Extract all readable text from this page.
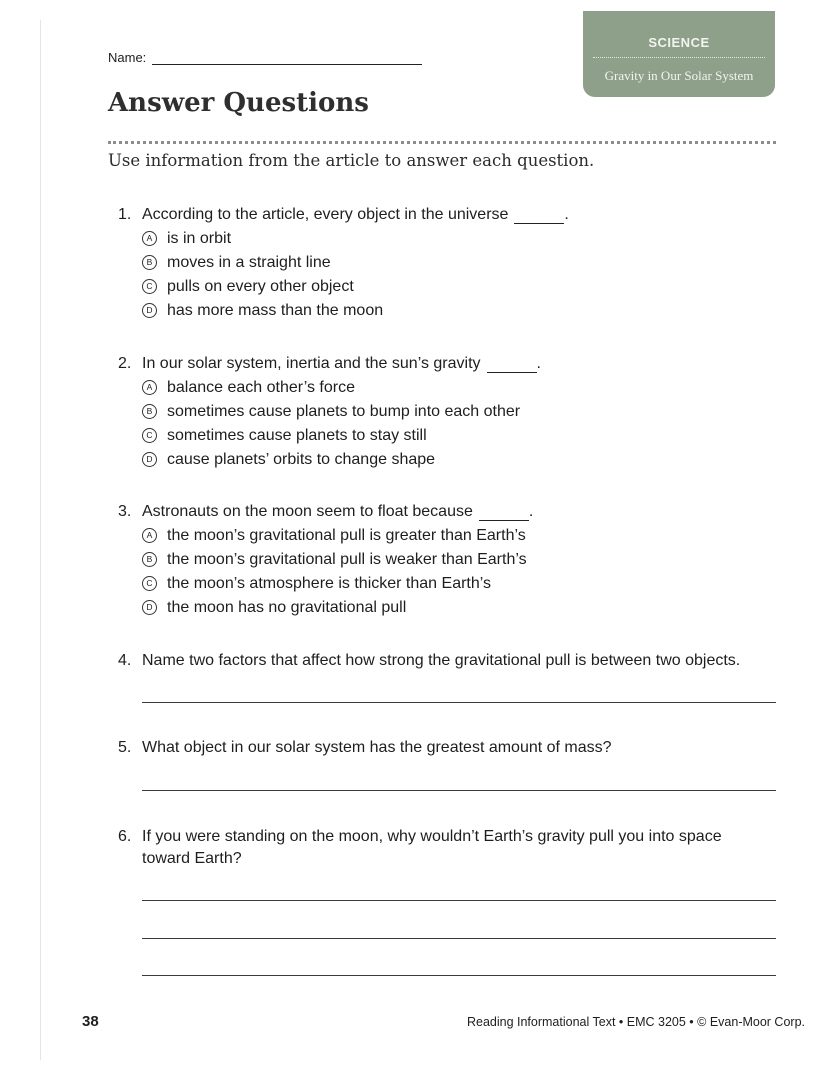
Name:
SCIENCE
Gravity in Our Solar System
Answer Questions
Use information from the article to answer each question.
1. According to the article, every object in the universe	.
A is in orbit
B moves in a straight line
C pulls on every other object
D has more mass than the moon
2. In our solar system, inertia and the sun’s gravity	.
A balance each other’s force
B sometimes cause planets to bump into each other
C sometimes cause planets to stay still
D cause planets’ orbits to change shape
3. Astronauts on the moon seem to float because	.
A the moon’s gravitational pull is greater than Earth’s
B the moon’s gravitational pull is weaker than Earth’s
C the moon’s atmosphere is thicker than Earth’s
D the moon has no gravitational pull
4. Name two factors that affect how strong the gravitational pull is between two objects.
5. What object in our solar system has the greatest amount of mass?
6. If you were standing on the moon, why wouldn’t Earth’s gravity pull you into space
toward Earth?
38	Reading Informational Text • EMC 3205 • © Evan-Moor Corp.
